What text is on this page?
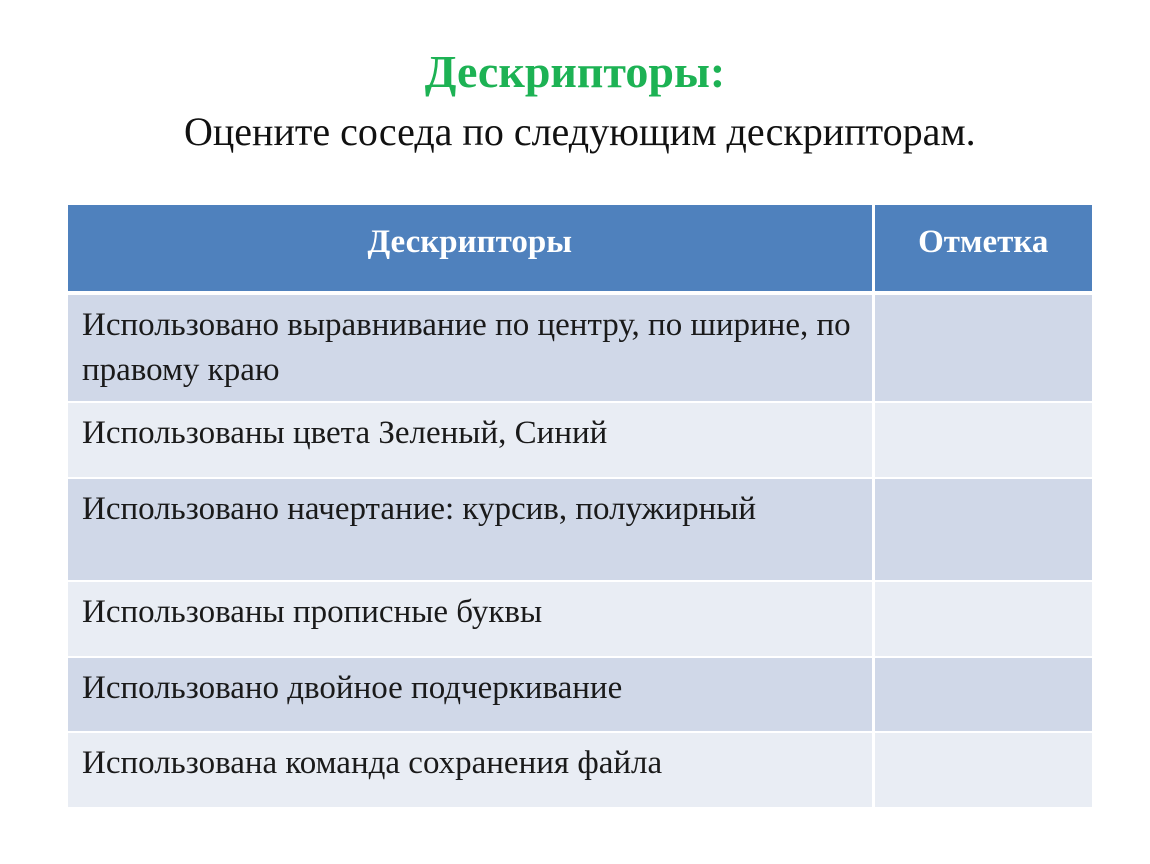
Дескрипторы:
Оцените соседа по следующим дескрипторам.
Дескрипторы	Отметка
Использовано выравнивание по центру, по ширине, по правому краю	
Использованы цвета Зеленый, Синий	
Использовано начертание: курсив, полужирный	
Использованы прописные буквы	
Использовано двойное подчеркивание	
Использована команда сохранения файла	
